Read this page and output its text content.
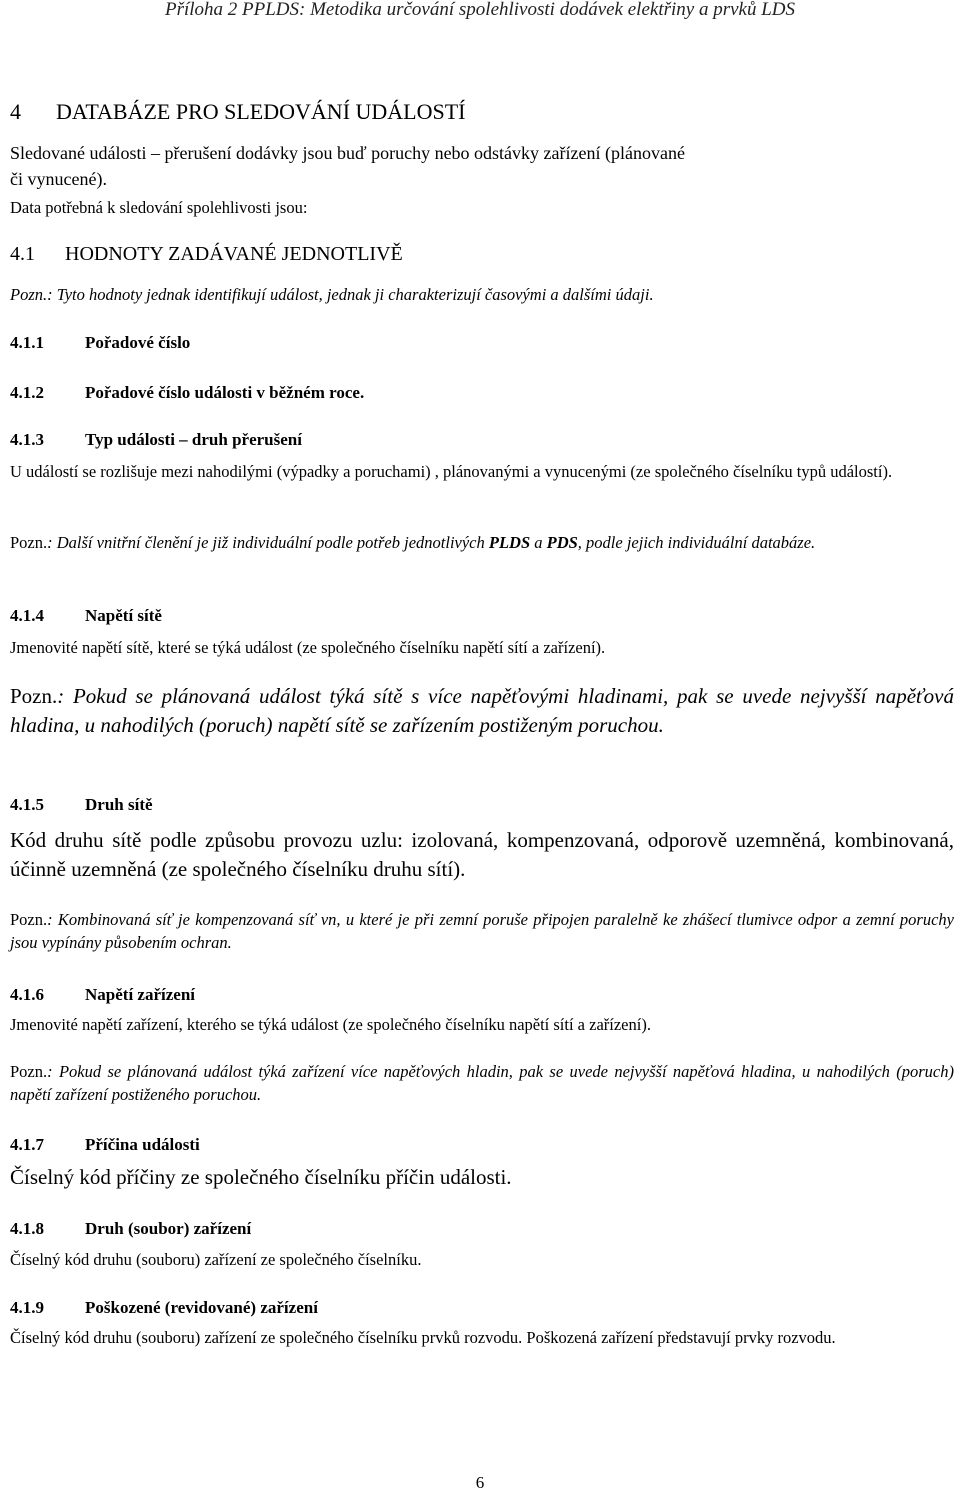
Příloha 2 PPLDS: Metodika určování spolehlivosti dodávek elektřiny a prvků LDS
4 DATABÁZE PRO SLEDOVÁNÍ UDÁLOSTÍ
Sledované události – přerušení dodávky jsou buď poruchy nebo odstávky zařízení (plánované
či vynucené).
Data potřebná k sledování spolehlivosti jsou:
4.1 HODNOTY ZADÁVANÉ JEDNOTLIVĚ
Pozn.: Tyto hodnoty jednak identifikují událost, jednak ji charakterizují časovými a dalšími údaji.
4.1.1 Pořadové číslo
4.1.2 Pořadové číslo události v běžném roce.
4.1.3 Typ události – druh přerušení
U událostí se rozlišuje mezi nahodilými (výpadky a poruchami) , plánovanými a vynucenými (ze společného číselníku typů událostí).
Pozn.: Další vnitřní členění je již individuální podle potřeb jednotlivých PLDS a PDS, podle jejich individuální databáze.
4.1.4 Napětí sítě
Jmenovité napětí sítě, které se týká událost (ze společného číselníku napětí sítí a zařízení).
Pozn.: Pokud se plánovaná událost týká sítě s více napěťovými hladinami, pak se uvede nejvyšší napěťová hladina, u nahodilých (poruch) napětí sítě se zařízením postiženým poruchou.
4.1.5 Druh sítě
Kód druhu sítě podle způsobu provozu uzlu: izolovaná, kompenzovaná, odporově uzemněná, kombinovaná, účinně uzemněná (ze společného číselníku druhu sítí).
Pozn.: Kombinovaná síť je kompenzovaná síť vn, u které je při zemní poruše připojen paralelně ke zhášecí tlumivce odpor a zemní poruchy jsou vypínány působením ochran.
4.1.6 Napětí zařízení
Jmenovité napětí zařízení, kterého se týká událost (ze společného číselníku napětí sítí a zařízení).
Pozn.: Pokud se plánovaná událost týká zařízení více napěťových hladin, pak se uvede nejvyšší napěťová hladina, u nahodilých (poruch) napětí zařízení postiženého poruchou.
4.1.7 Příčina události
Číselný kód příčiny ze společného číselníku příčin události.
4.1.8 Druh (soubor) zařízení
Číselný kód druhu (souboru) zařízení ze společného číselníku.
4.1.9 Poškozené (revidované) zařízení
Číselný kód druhu (souboru) zařízení ze společného číselníku prvků rozvodu. Poškozená zařízení představují prvky rozvodu.
6
